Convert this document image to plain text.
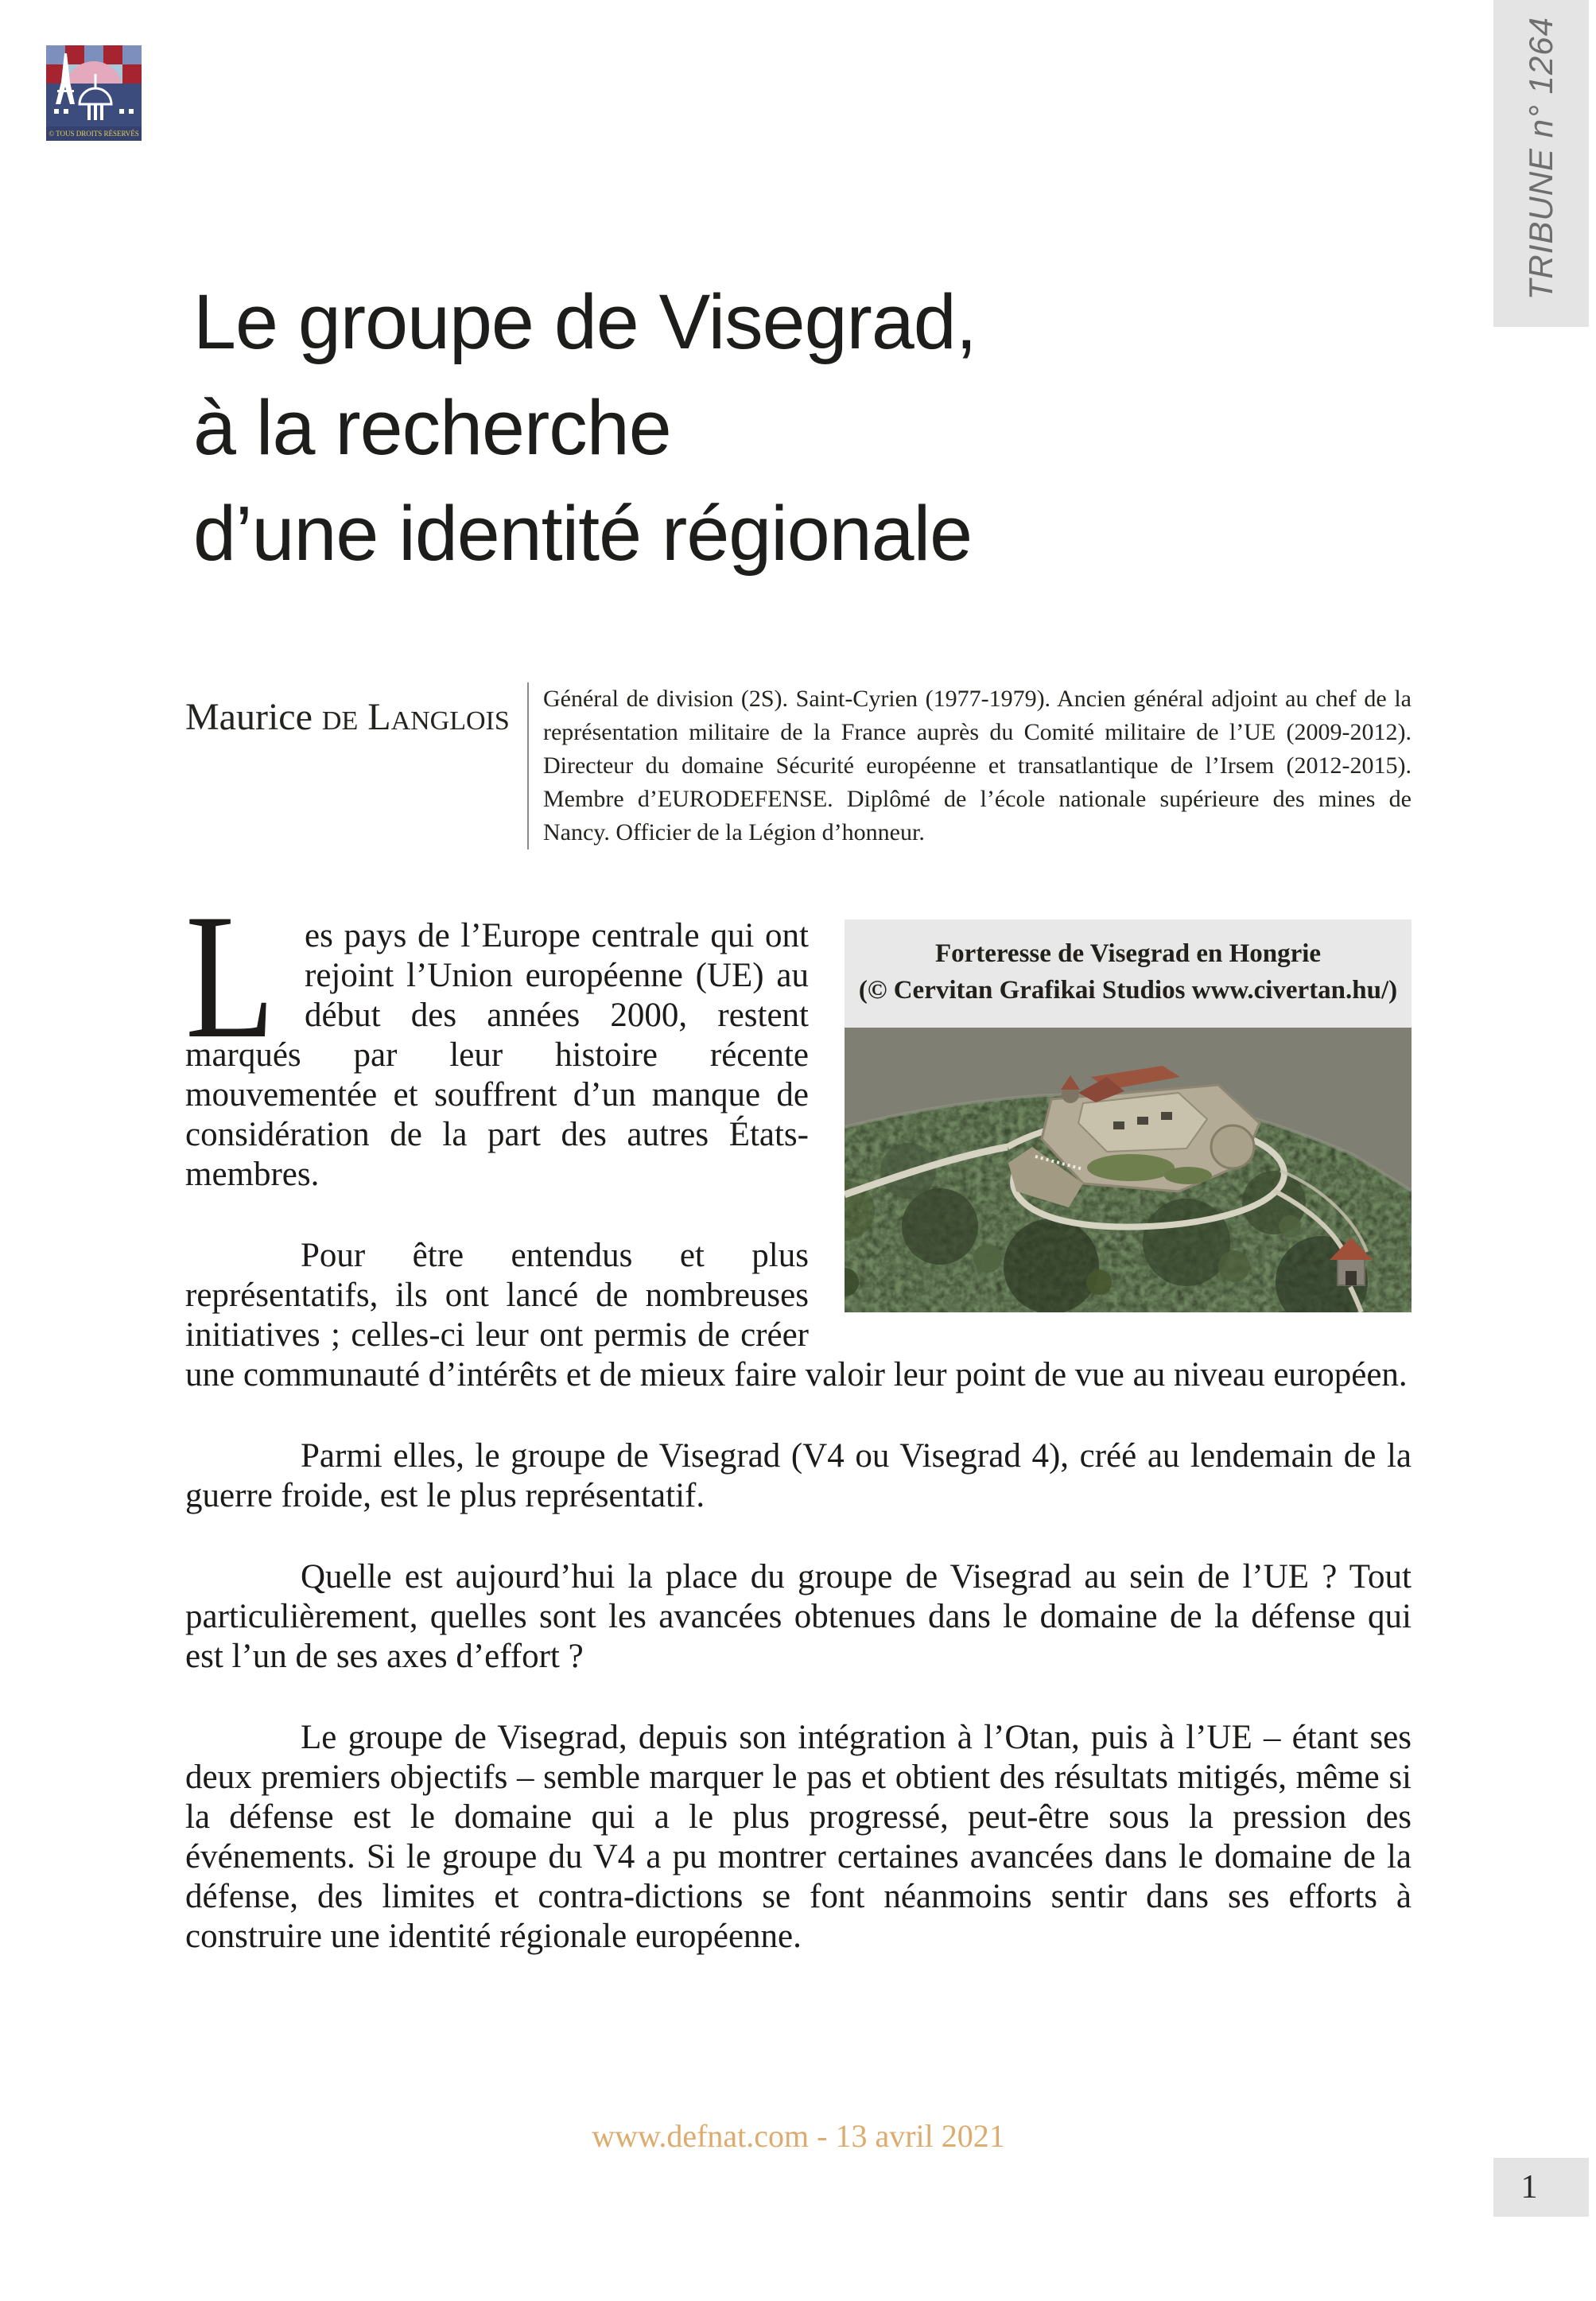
© TOUS DROITS RÉSERVÉS	TRIBUNE n° 1264
Le groupe de Visegrad,
à la recherche
d’une identité régionale
Maurice de Langlois	Général de division (2S). Saint-Cyrien (1977-1979). Ancien général adjoint au chef de la représentation militaire de la France auprès du Comité militaire de l’UE (2009-2012). Directeur du domaine Sécurité européenne et transatlantique de l’Irsem (2012-2015). Membre d’EURODEFENSE. Diplômé de l’école nationale supérieure des mines de Nancy. Officier de la Légion d’honneur.
Forteresse de Visegrad en Hongrie
(© Cervitan Grafikai Studios www.civertan.hu/)

Les pays de l’Europe centrale qui ont rejoint l’Union européenne (UE) au début des années 2000, restent marqués par leur histoire récente mouvementée et souffrent d’un manque de considération de la part des autres États-membres.

Pour être entendus et plus représentatifs, ils ont lancé de nombreuses initiatives ; celles-ci leur ont permis de créer une communauté d’intérêts et de mieux faire valoir leur point de vue au niveau européen.

Parmi elles, le groupe de Visegrad (V4 ou Visegrad 4), créé au lendemain de la guerre froide, est le plus représentatif.

Quelle est aujourd’hui la place du groupe de Visegrad au sein de l’UE ? Tout particulièrement, quelles sont les avancées obtenues dans le domaine de la défense qui est l’un de ses axes d’effort ?

Le groupe de Visegrad, depuis son intégration à l’Otan, puis à l’UE – étant ses deux premiers objectifs – semble marquer le pas et obtient des résultats mitigés, même si la défense est le domaine qui a le plus progressé, peut-être sous la pression des événements. Si le groupe du V4 a pu montrer certaines avancées dans le domaine de la défense, des limites et contra-dictions se font néanmoins sentir dans ses efforts à construire une identité régionale européenne.

www.defnat.com - 13 avril 2021
1
